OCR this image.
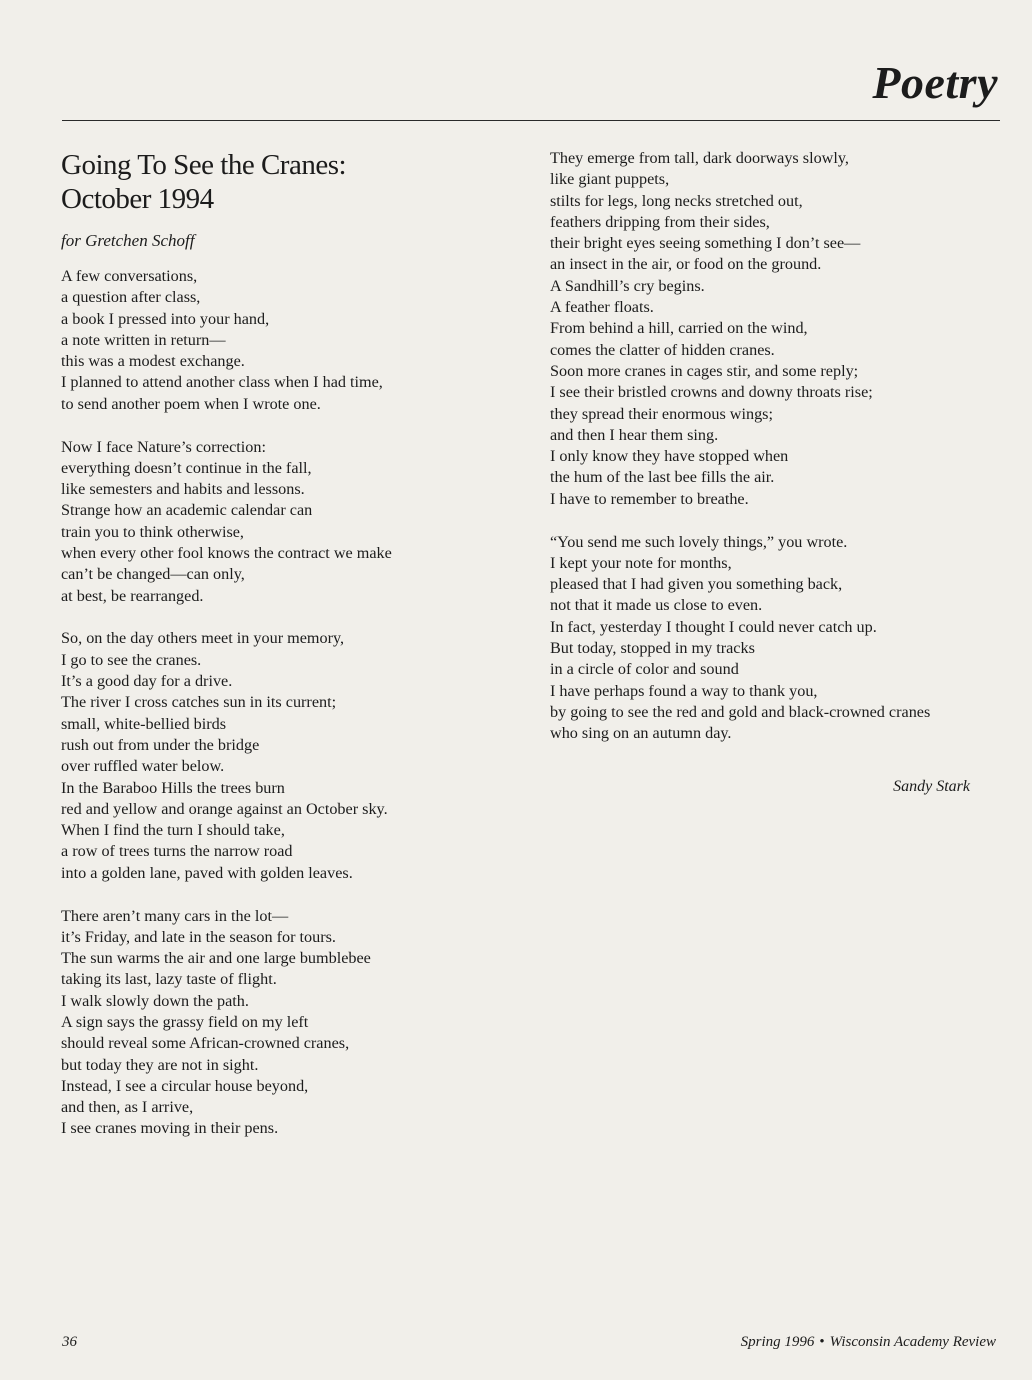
Poetry
Going To See the Cranes:
October 1994
for Gretchen Schoff
A few conversations,
a question after class,
a book I pressed into your hand,
a note written in return—
this was a modest exchange.
I planned to attend another class when I had time,
to send another poem when I wrote one.
Now I face Nature’s correction:
everything doesn’t continue in the fall,
like semesters and habits and lessons.
Strange how an academic calendar can
train you to think otherwise,
when every other fool knows the contract we make
can’t be changed—can only,
at best, be rearranged.
So, on the day others meet in your memory,
I go to see the cranes.
It’s a good day for a drive.
The river I cross catches sun in its current;
small, white-bellied birds
rush out from under the bridge
over ruffled water below.
In the Baraboo Hills the trees burn
red and yellow and orange against an October sky.
When I find the turn I should take,
a row of trees turns the narrow road
into a golden lane, paved with golden leaves.
There aren’t many cars in the lot—
it’s Friday, and late in the season for tours.
The sun warms the air and one large bumblebee
taking its last, lazy taste of flight.
I walk slowly down the path.
A sign says the grassy field on my left
should reveal some African-crowned cranes,
but today they are not in sight.
Instead, I see a circular house beyond,
and then, as I arrive,
I see cranes moving in their pens.
They emerge from tall, dark doorways slowly,
like giant puppets,
stilts for legs, long necks stretched out,
feathers dripping from their sides,
their bright eyes seeing something I don’t see—
an insect in the air, or food on the ground.
A Sandhill’s cry begins.
A feather floats.
From behind a hill, carried on the wind,
comes the clatter of hidden cranes.
Soon more cranes in cages stir, and some reply;
I see their bristled crowns and downy throats rise;
they spread their enormous wings;
and then I hear them sing.
I only know they have stopped when
the hum of the last bee fills the air.
I have to remember to breathe.
“You send me such lovely things,” you wrote.
I kept your note for months,
pleased that I had given you something back,
not that it made us close to even.
In fact, yesterday I thought I could never catch up.
But today, stopped in my tracks
in a circle of color and sound
I have perhaps found a way to thank you,
by going to see the red and gold and black-crowned cranes
who sing on an autumn day.
Sandy Stark
36	Spring 1996 • Wisconsin Academy Review
